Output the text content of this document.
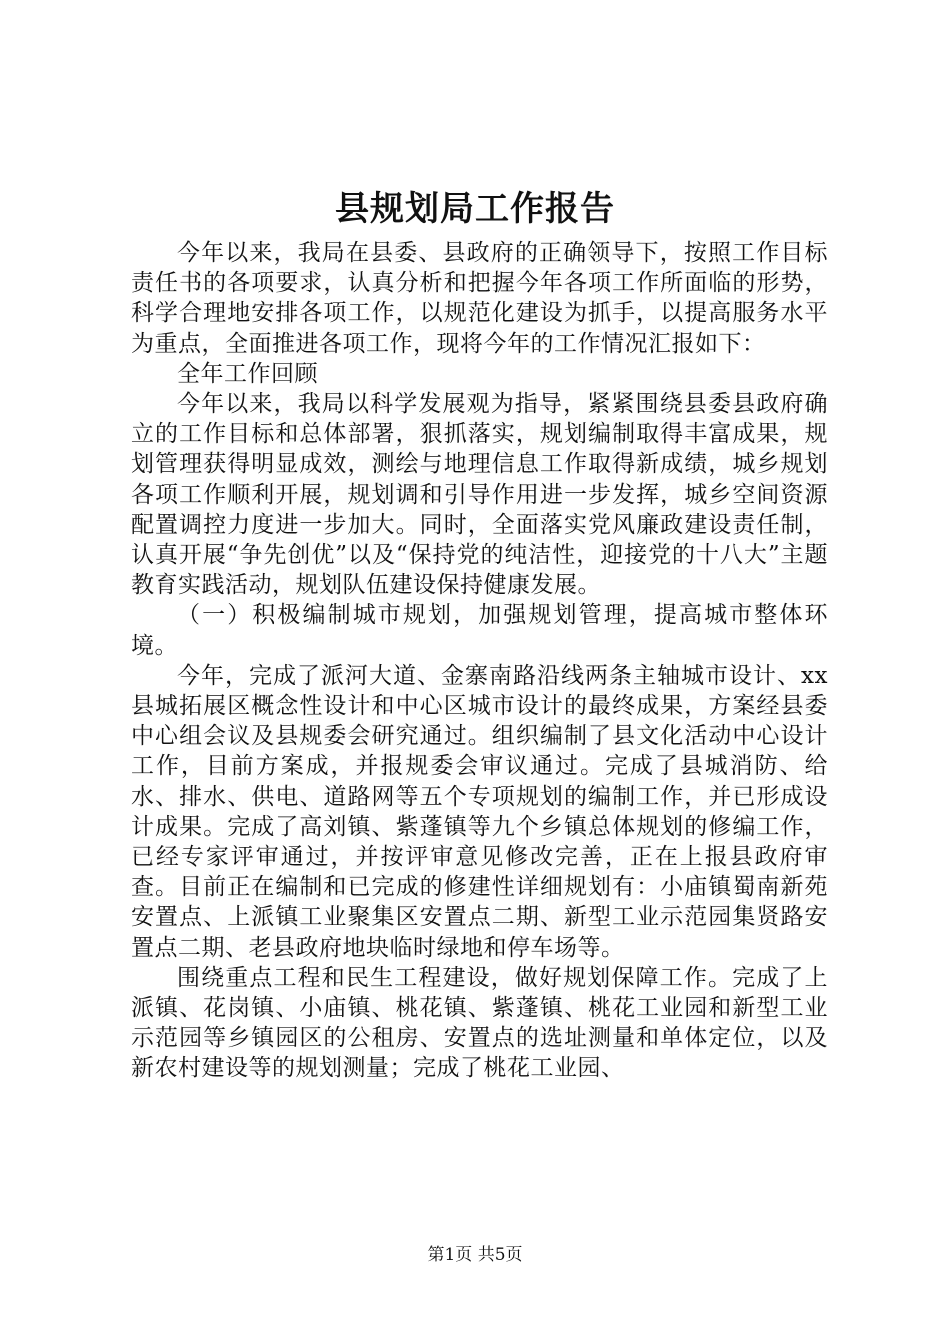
县规划局工作报告

今年以来，我局在县委、县政府的正确领导下，按照工作目标责任书的各项要求，认真分析和把握今年各项工作所面临的形势，科学合理地安排各项工作，以规范化建设为抓手，以提高服务水平为重点，全面推进各项工作，现将今年的工作情况汇报如下：

全年工作回顾

今年以来，我局以科学发展观为指导，紧紧围绕县委县政府确立的工作目标和总体部署，狠抓落实，规划编制取得丰富成果，规划管理获得明显成效，测绘与地理信息工作取得新成绩，城乡规划各项工作顺利开展，规划调和引导作用进一步发挥，城乡空间资源配置调控力度进一步加大。同时，全面落实党风廉政建设责任制，认真开展“争先创优”以及“保持党的纯洁性，迎接党的十八大”主题教育实践活动，规划队伍建设保持健康发展。

（一）积极编制城市规划，加强规划管理，提高城市整体环境。

今年，完成了派河大道、金寨南路沿线两条主轴城市设计、xx县城拓展区概念性设计和中心区城市设计的最终成果，方案经县委中心组会议及县规委会研究通过。组织编制了县文化活动中心设计工作，目前方案成，并报规委会审议通过。完成了县城消防、给水、排水、供电、道路网等五个专项规划的编制工作，并已形成设计成果。完成了高刘镇、紫蓬镇等九个乡镇总体规划的修编工作，已经专家评审通过，并按评审意见修改完善，正在上报县政府审查。目前正在编制和已完成的修建性详细规划有：小庙镇蜀南新苑安置点、上派镇工业聚集区安置点二期、新型工业示范园集贤路安置点二期、老县政府地块临时绿地和停车场等。

围绕重点工程和民生工程建设，做好规划保障工作。完成了上派镇、花岗镇、小庙镇、桃花镇、紫蓬镇、桃花工业园和新型工业示范园等乡镇园区的公租房、安置点的选址测量和单体定位，以及新农村建设等的规划测量；完成了桃花工业园、

第1页 共5页
